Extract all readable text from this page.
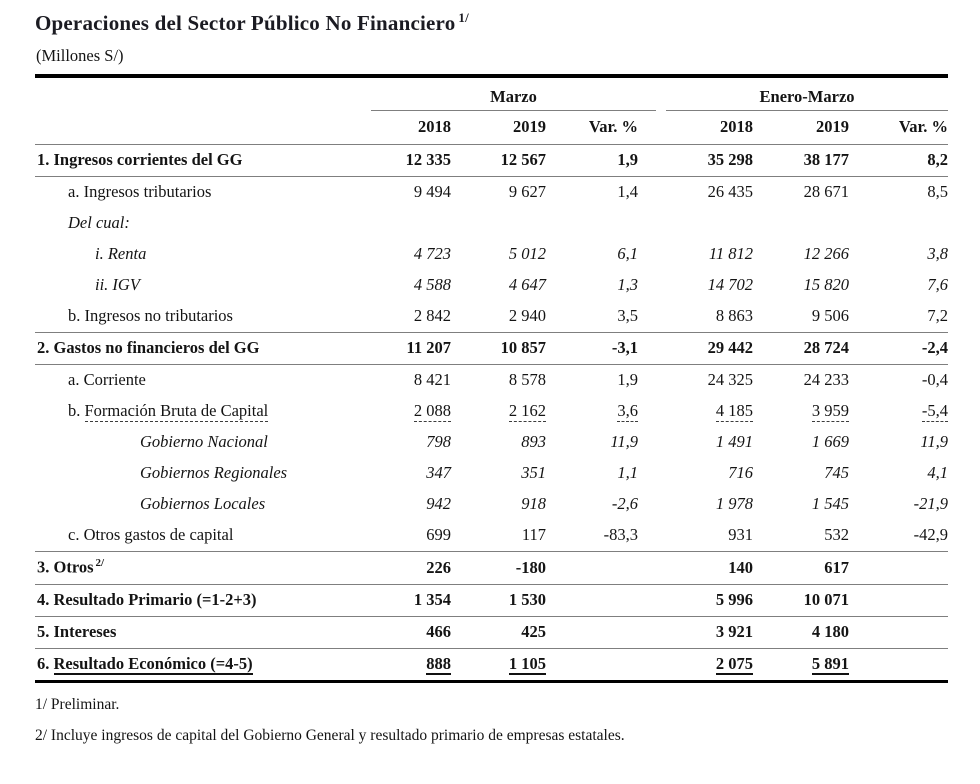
Operaciones del Sector Público No Financiero $^{1/}$
(Millones S/)

	Marzo			Enero-Marzo		

	2018	2019	Var. %	2018	2019	Var. %
1. Ingresos corrientes del GG	12 335	12 567	1,9	35 298	38 177	8,2
a. Ingresos tributarios	9 494	9 627	1,4	26 435	28 671	8,5
Del cual:						
i. Renta	4 723	5 012	6,1	11 812	12 266	3,8
ii. IGV	4 588	4 647	1,3	14 702	15 820	7,6
b. Ingresos no tributarios	2 842	2 940	3,5	8 863	9 506	7,2
2. Gastos no financieros del GG	11 207	10 857	-3,1	29 442	28 724	-2,4
a. Corriente	8 421	8 578	1,9	24 325	24 233	-0,4
b. Formación Bruta de Capital	2 088	2 162	3,6	4 185	3 959	-5,4
Gobierno Nacional	798	893	11,9	1 491	1 669	11,9
Gobiernos Regionales	347	351	1,1	716	745	4,1
Gobiernos Locales	942	918	-2,6	1 978	1 545	-21,9
c. Otros gastos de capital	699	117	-83,3	931	532	-42,9
3. Otros $^{2/}$	226	-180		140	617	
4. Resultado Primario (=1-2+3)	1 354	1 530		5 996	10 071	
5. Intereses	466	425		3 921	4 180	
6. Resultado Económico (=4-5)	888	1 105		2 075	5 891	
1/ Preliminar.
2/ Incluye ingresos de capital del Gobierno General y resultado primario de empresas estatales.
